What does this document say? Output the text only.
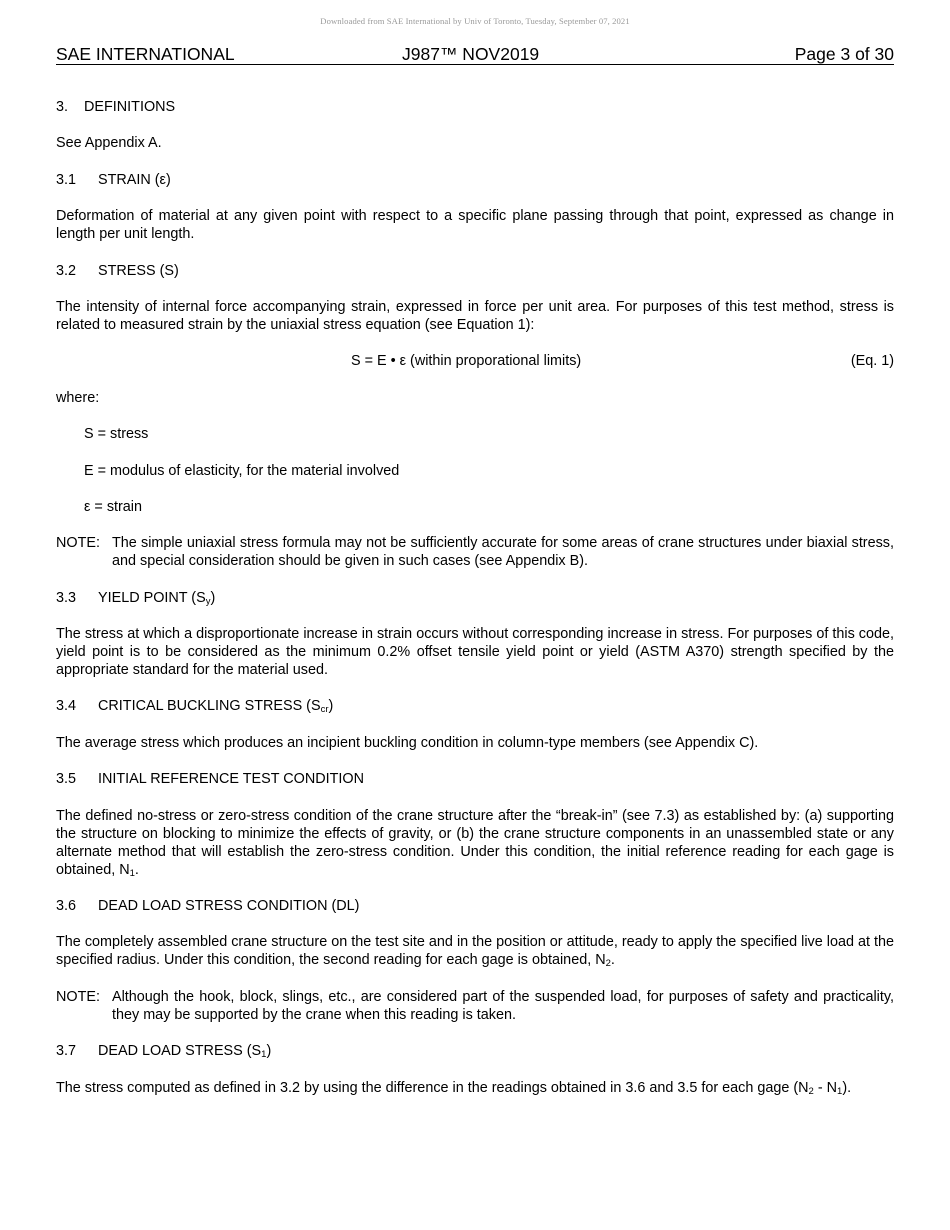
Downloaded from SAE International by Univ of Toronto, Tuesday, September 07, 2021
SAE INTERNATIONAL	J987™ NOV2019	Page 3 of 30
3. DEFINITIONS
See Appendix A.
3.1 STRAIN (ε)
Deformation of material at any given point with respect to a specific plane passing through that point, expressed as change in length per unit length.
3.2 STRESS (S)
The intensity of internal force accompanying strain, expressed in force per unit area. For purposes of this test method, stress is related to measured strain by the uniaxial stress equation (see Equation 1):
S = E • ε (within proporational limits)	(Eq. 1)
where:
S = stress
E = modulus of elasticity, for the material involved
ε = strain
NOTE: The simple uniaxial stress formula may not be sufficiently accurate for some areas of crane structures under biaxial stress, and special consideration should be given in such cases (see Appendix B).
3.3 YIELD POINT $(S_y)$
The stress at which a disproportionate increase in strain occurs without corresponding increase in stress. For purposes of this code, yield point is to be considered as the minimum 0.2% offset tensile yield point or yield (ASTM A370) strength specified by the appropriate standard for the material used.
3.4 CRITICAL BUCKLING STRESS $(S_{cr})$
The average stress which produces an incipient buckling condition in column-type members (see Appendix C).
3.5 INITIAL REFERENCE TEST CONDITION
The defined no-stress or zero-stress condition of the crane structure after the “break-in” (see 7.3) as established by: (a) supporting the structure on blocking to minimize the effects of gravity, or (b) the crane structure components in an unassembled state or any alternate method that will establish the zero-stress condition. Under this condition, the initial reference reading for each gage is obtained, $N_1$.
3.6 DEAD LOAD STRESS CONDITION (DL)
The completely assembled crane structure on the test site and in the position or attitude, ready to apply the specified live load at the specified radius. Under this condition, the second reading for each gage is obtained, $N_2$.
NOTE: Although the hook, block, slings, etc., are considered part of the suspended load, for purposes of safety and practicality, they may be supported by the crane when this reading is taken.
3.7 DEAD LOAD STRESS $(S_1)$
The stress computed as defined in 3.2 by using the difference in the readings obtained in 3.6 and 3.5 for each gage $(N_2 - N_1)$.
